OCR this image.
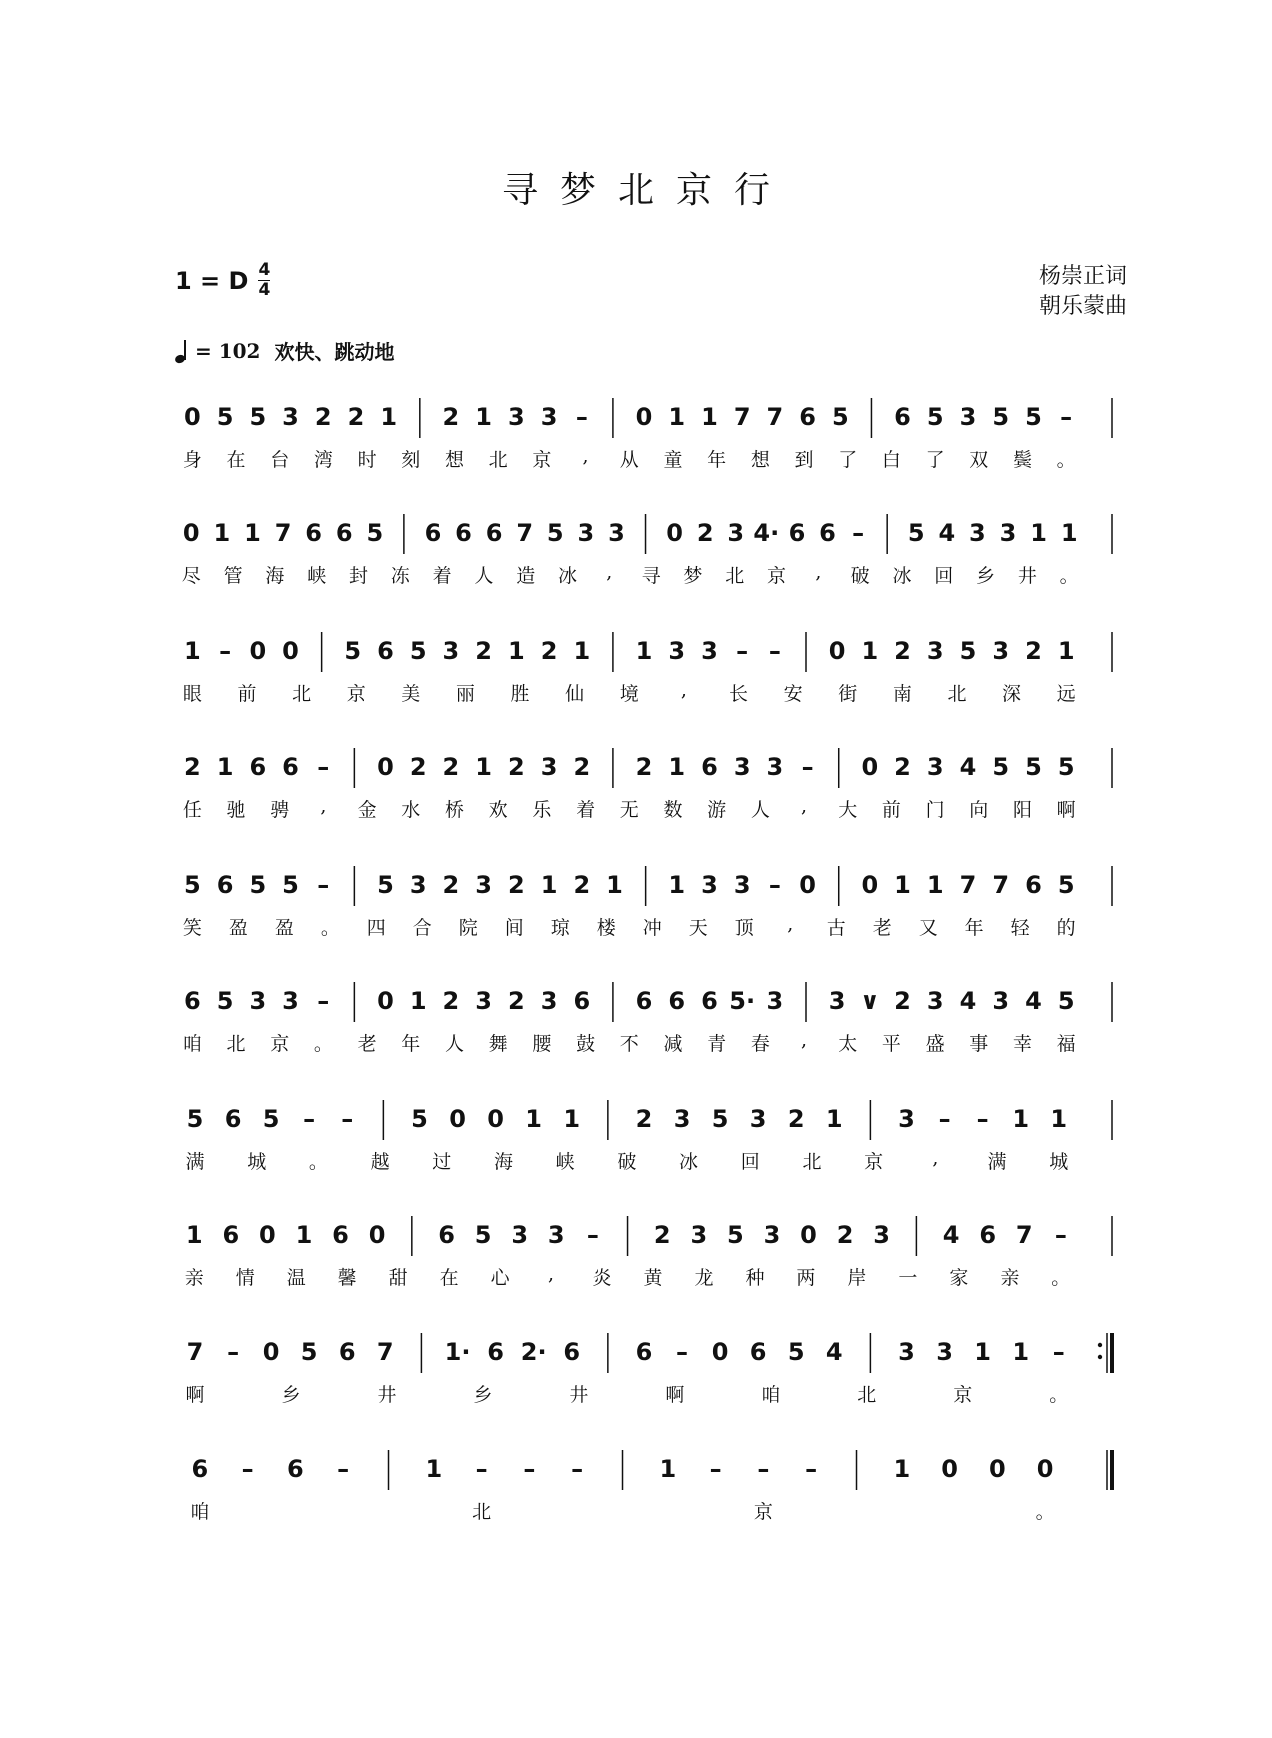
寻梦北京行
1 = D 4
4
杨崇正词
朝乐蒙曲
= 102 欢快、跳动地
0 5 5 3 2 2 1 2 1 3 3 – 0 1 1 7 7 6 5 6 5 3 5 5 –
身 在 台 湾 时 刻 想 北 京 , 从 童 年 想 到 了 白 了 双 鬓 。
0 1 1 7 6 6 5 6 6 6 7 5 3 3 0 2 3 4· 6 6 – 5 4 3 3 1 1
尽 管 海 峡 封 冻 着 人 造 冰 , 寻 梦 北 京 , 破 冰 回 乡 井 。
1 – 0 0 5 6 5 3 2 1 2 1 1 3 3 – – 0 1 2 3 5 3 2 1
眼 前 北 京 美 丽 胜 仙 境 , 长 安 街 南 北 深 远
2 1 6 6 – 0 2 2 1 2 3 2 2 1 6 3 3 – 0 2 3 4 5 5 5
任 驰 骋 , 金 水 桥 欢 乐 着 无 数 游 人 , 大 前 门 向 阳 啊
5 6 5 5 – 5 3 2 3 2 1 2 1 1 3 3 – 0 0 1 1 7 7 6 5
笑 盈 盈 。 四 合 院 间 琼 楼 冲 天 顶 , 古 老 又 年 轻 的
6 5 3 3 – 0 1 2 3 2 3 6 6 6 6 5· 3 3 ∨ 2 3 4 3 4 5
咱 北 京 。 老 年 人 舞 腰 鼓 不 减 青 春 , 太 平 盛 事 幸 福
5 6 5 – – 5 0 0 1 1 2 3 5 3 2 1 3 – – 1 1
满 城 。 越 过 海 峡 破 冰 回 北 京	,	满 城
1 6 0 1 6 0 6 5 3 3 – 2 3 5 3 0 2 3 4 6 7 –
亲 情 温 馨 甜 在 心 , 炎 黄 龙 种 两 岸 一 家 亲 。
7 – 0 5 6 7 1· 6 2· 6 6 – 0 6 5 4 3 3 1 1 –
啊	乡	井	乡	井	啊	咱	北	京	。
6 – 6 –	1 – – –	1 – – –	1 0 0 0
咱	北	京	。
